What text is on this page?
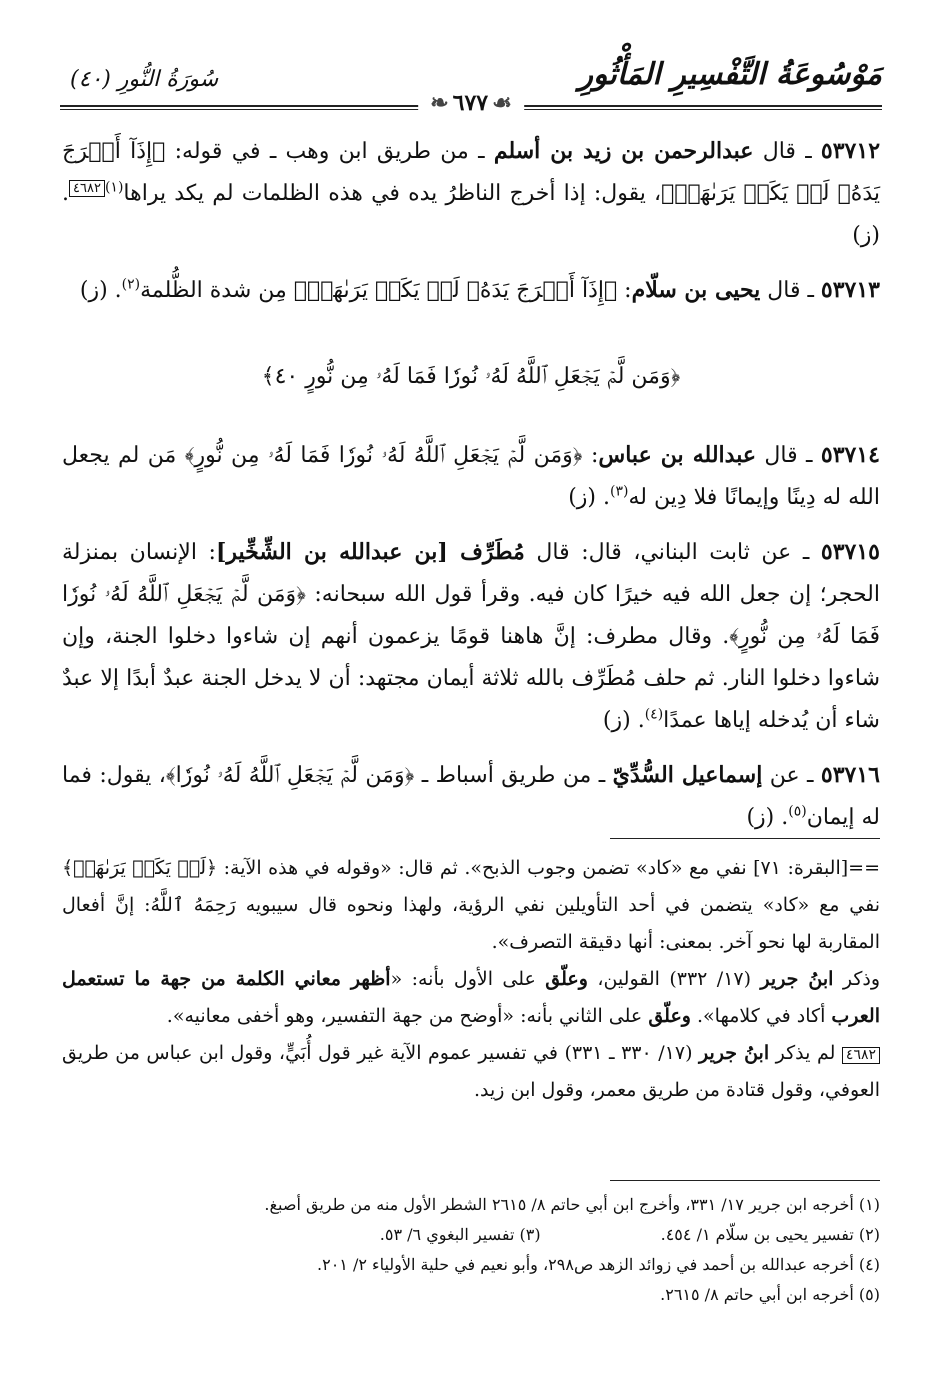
مَوْسُوعَةُ التَّفْسِيرِ المَأْثُورِ
سُورَةُ النُّورِ (٤٠)
❧ ٦٧٧ ☙

٥٣٧١٢ ـ قال عبدالرحمن بن زيد بن أسلم ـ من طريق ابن وهب ـ في قوله: ﴿إِذَآ أَخۡرَجَ يَدَهُۥ لَمۡ يَكَدۡ يَرَىٰهَاۗ﴾، يقول: إذا أخرج الناظرُ يده في هذه الظلمات لم يكد يراها$^{(١)}$٤٦٨٢. (ز)

٥٣٧١٣ ـ قال يحيى بن سلّام: ﴿إِذَآ أَخۡرَجَ يَدَهُۥ لَمۡ يَكَدۡ يَرَىٰهَاۗ﴾ مِن شدة الظُّلمة$^{(٢)}$. (ز)

﴿وَمَن لَّمۡ يَجۡعَلِ ٱللَّهُ لَهُۥ نُورٗا فَمَا لَهُۥ مِن نُّورٍ ٤٠﴾

٥٣٧١٤ ـ قال عبدالله بن عباس: ﴿وَمَن لَّمۡ يَجۡعَلِ ٱللَّهُ لَهُۥ نُورٗا فَمَا لَهُۥ مِن نُّورٍ﴾ مَن لم يجعل الله له دِينًا وإيمانًا فلا دِين له$^{(٣)}$. (ز)

٥٣٧١٥ ـ عن ثابت البناني، قال: قال مُطَرِّف [بن عبدالله بن الشِّخِّير]: الإنسان بمنزلة الحجر؛ إن جعل الله فيه خيرًا كان فيه. وقرأ قول الله سبحانه: ﴿وَمَن لَّمۡ يَجۡعَلِ ٱللَّهُ لَهُۥ نُورٗا فَمَا لَهُۥ مِن نُّورٍ﴾. وقال مطرف: إنَّ هاهنا قومًا يزعمون أنهم إن شاءوا دخلوا الجنة، وإن شاءوا دخلوا النار. ثم حلف مُطَرِّف بالله ثلاثة أيمان مجتهد: أن لا يدخل الجنة عبدٌ أبدًا إلا عبدٌ شاء أن يُدخله إياها عمدًا$^{(٤)}$. (ز)

٥٣٧١٦ ـ عن إسماعيل السُّدِّيّ ـ من طريق أسباط ـ ﴿وَمَن لَّمۡ يَجۡعَلِ ٱللَّهُ لَهُۥ نُورٗا﴾، يقول: فما له إيمان$^{(٥)}$. (ز)

==[البقرة: ٧١] نفي مع «كاد» تضمن وجوب الذبح». ثم قال: «وقوله في هذه الآية: ﴿لَمۡ يَكَدۡ يَرَىٰهَاۗ﴾ نفي مع «كاد» يتضمن في أحد التأويلين نفي الرؤية، ولهذا ونحوه قال سيبويه رَحِمَهُ ٱللَّهُ: إنَّ أفعال المقاربة لها نحو آخر. بمعنى: أنها دقيقة التصرف».

وذكر ابنُ جرير (١٧/ ٣٣٢) القولين، وعلّق على الأول بأنه: «أظهر معاني الكلمة من جهة ما تستعمل العرب أكاد في كلامها». وعلّق على الثاني بأنه: «أوضح من جهة التفسير، وهو أخفى معانيه».

٤٦٨٢ لم يذكر ابنُ جرير (١٧/ ٣٣٠ ـ ٣٣١) في تفسير عموم الآية غير قول أُبَيٍّ، وقول ابن عباس من طريق العوفي، وقول قتادة من طريق معمر، وقول ابن زيد.

(١) أخرجه ابن جرير ١٧/ ٣٣١، وأخرج ابن أبي حاتم ٨/ ٢٦١٥ الشطر الأول منه من طريق أصبغ.

(٢) تفسير يحيى بن سلّام ١/ ٤٥٤.

(٣) تفسير البغوي ٦/ ٥٣.

(٤) أخرجه عبدالله بن أحمد في زوائد الزهد ص٢٩٨، وأبو نعيم في حلية الأولياء ٢/ ٢٠١.

(٥) أخرجه ابن أبي حاتم ٨/ ٢٦١٥.
